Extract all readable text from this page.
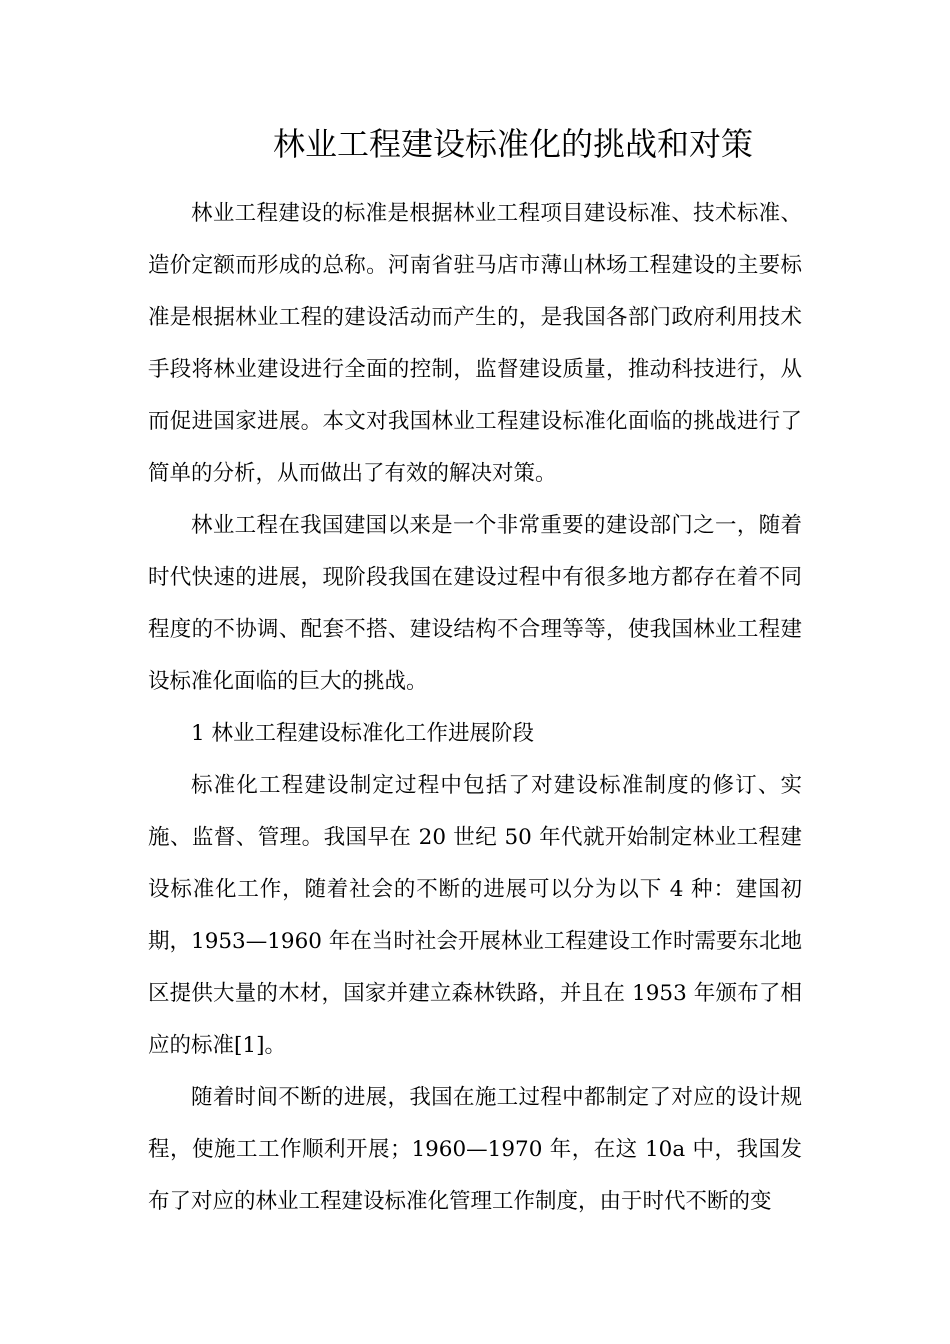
林业工程建设标准化的挑战和对策

林业工程建设的标准是根据林业工程项目建设标准、技术标准、造价定额而形成的总称。河南省驻马店市薄山林场工程建设的主要标准是根据林业工程的建设活动而产生的，是我国各部门政府利用技术手段将林业建设进行全面的控制，监督建设质量，推动科技进行，从而促进国家进展。本文对我国林业工程建设标准化面临的挑战进行了简单的分析，从而做出了有效的解决对策。

林业工程在我国建国以来是一个非常重要的建设部门之一，随着时代快速的进展，现阶段我国在建设过程中有很多地方都存在着不同程度的不协调、配套不搭、建设结构不合理等等，使我国林业工程建设标准化面临的巨大的挑战。

1 林业工程建设标准化工作进展阶段

标准化工程建设制定过程中包括了对建设标准制度的修订、实施、监督、管理。我国早在 20 世纪 50 年代就开始制定林业工程建设标准化工作，随着社会的不断的进展可以分为以下 4 种：建国初期，1953—1960 年在当时社会开展林业工程建设工作时需要东北地区提供大量的木材，国家并建立森林铁路，并且在 1953 年颁布了相应的标准[1]。

随着时间不断的进展，我国在施工过程中都制定了对应的设计规程，使施工工作顺利开展；1960—1970 年，在这 10a 中，我国发布了对应的林业工程建设标准化管理工作制度，由于时代不断的变
